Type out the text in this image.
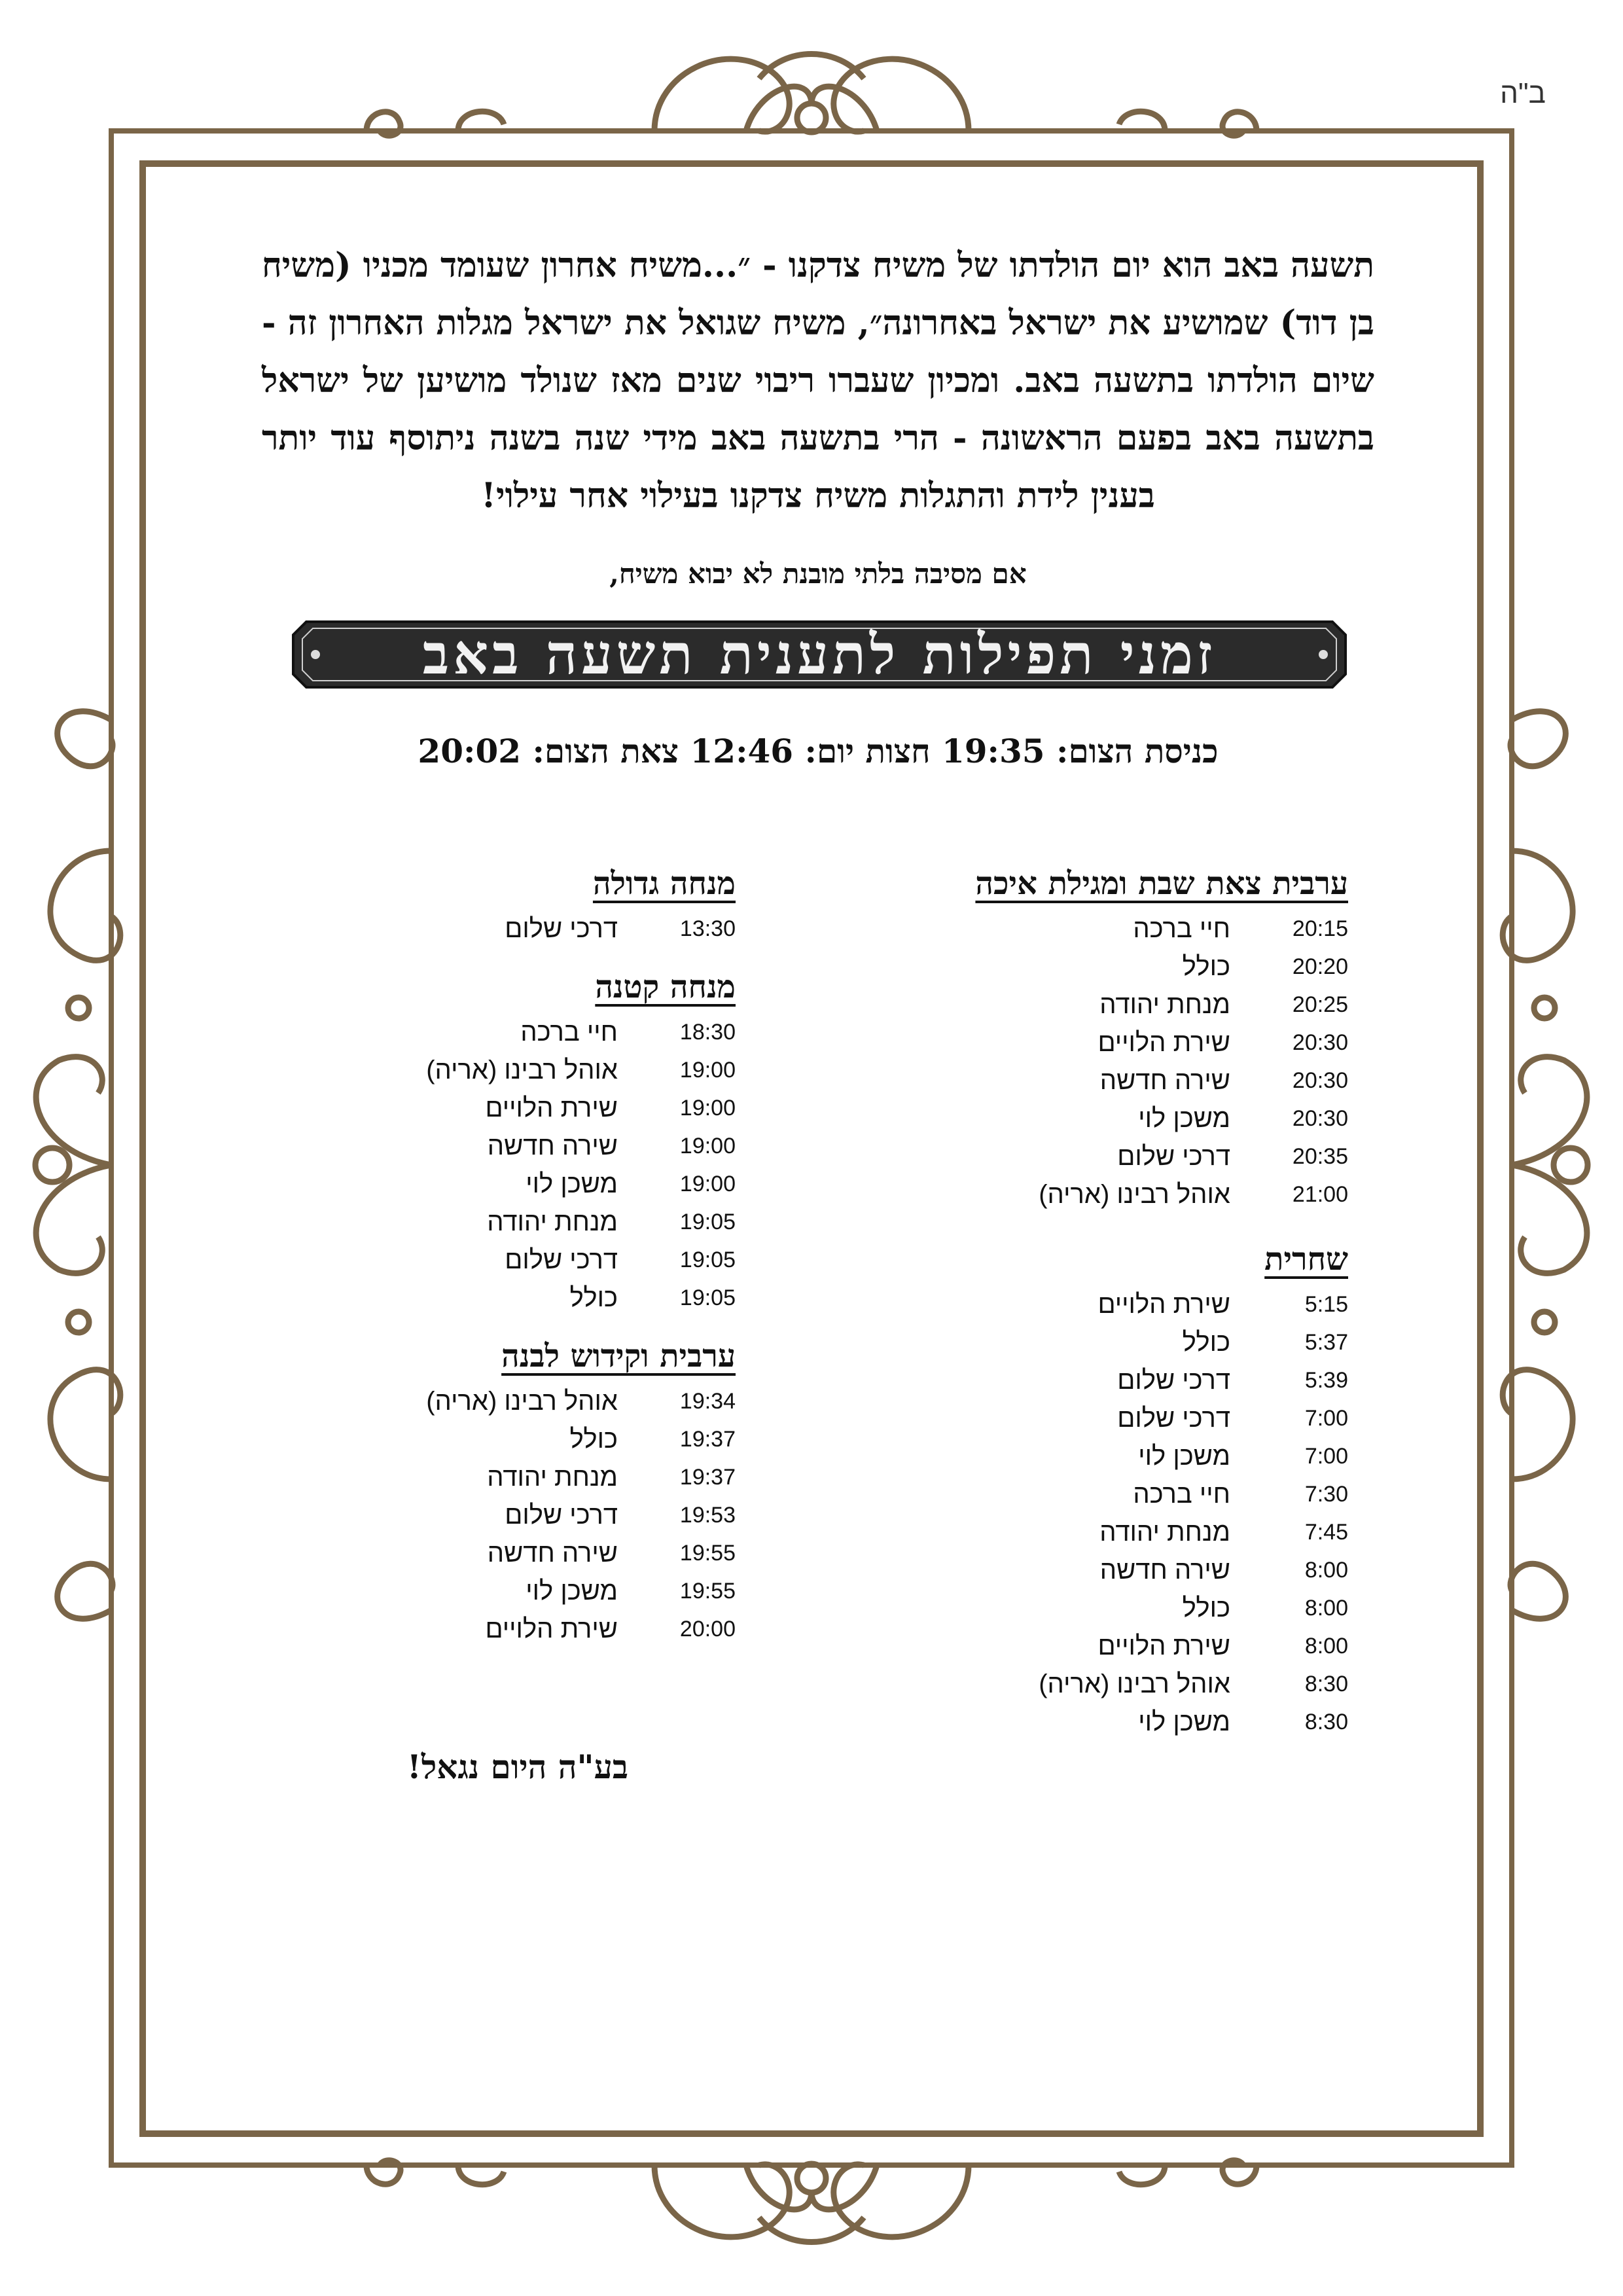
ב"ה
תשעה באב הוא יום הולדתו של משיח צדקנו - ״...משיח אחרון שעומד מכניו (משיח בן דוד) שמושיע את ישראל באחרונה״, משיח שגואל את ישראל מגלות האחרון זה - שיום הולדתו בתשעה באב. ומכיון שעברו ריבוי שנים מאז שנולד מושיען של ישראל בתשעה באב בפעם הראשונה - הרי בתשעה באב מידי שנה בשנה ניתוסף עוד יותר בענין לידת והתגלות משיח צדקנו בעילוי אחר עילוי!
אם מסיבה בלתי מובנת לא יבוא משיח,
זמני תפילות לתענית תשעה באב
כניסת הצום: 19:35 חצות יום: 12:46 צאת הצום: 20:02
ערבית צאת שבת ומגילת איכה
20:15
חיי ברכה
20:20
כולל
20:25
מנחת יהודה
20:30
שירת הלויים
20:30
שירה חדשה
20:30
משכן לוי
20:35
דרכי שלום
21:00
אוהל רבינו (אריה)
שחרית
5:15
שירת הלויים
5:37
כולל
5:39
דרכי שלום
7:00
דרכי שלום
7:00
משכן לוי
7:30
חיי ברכה
7:45
מנחת יהודה
8:00
שירה חדשה
8:00
כולל
8:00
שירת הלויים
8:30
אוהל רבינו (אריה)
8:30
משכן לוי
מנחה גדולה
13:30
דרכי שלום
מנחה קטנה
18:30
חיי ברכה
19:00
אוהל רבינו (אריה)
19:00
שירת הלויים
19:00
שירה חדשה
19:00
משכן לוי
19:05
מנחת יהודה
19:05
דרכי שלום
19:05
כולל
ערבית וקידוש לבנה
19:34
אוהל רבינו (אריה)
19:37
כולל
19:37
מנחת יהודה
19:53
דרכי שלום
19:55
שירה חדשה
19:55
משכן לוי
20:00
שירת הלויים
בע"ה היום נגאל!
